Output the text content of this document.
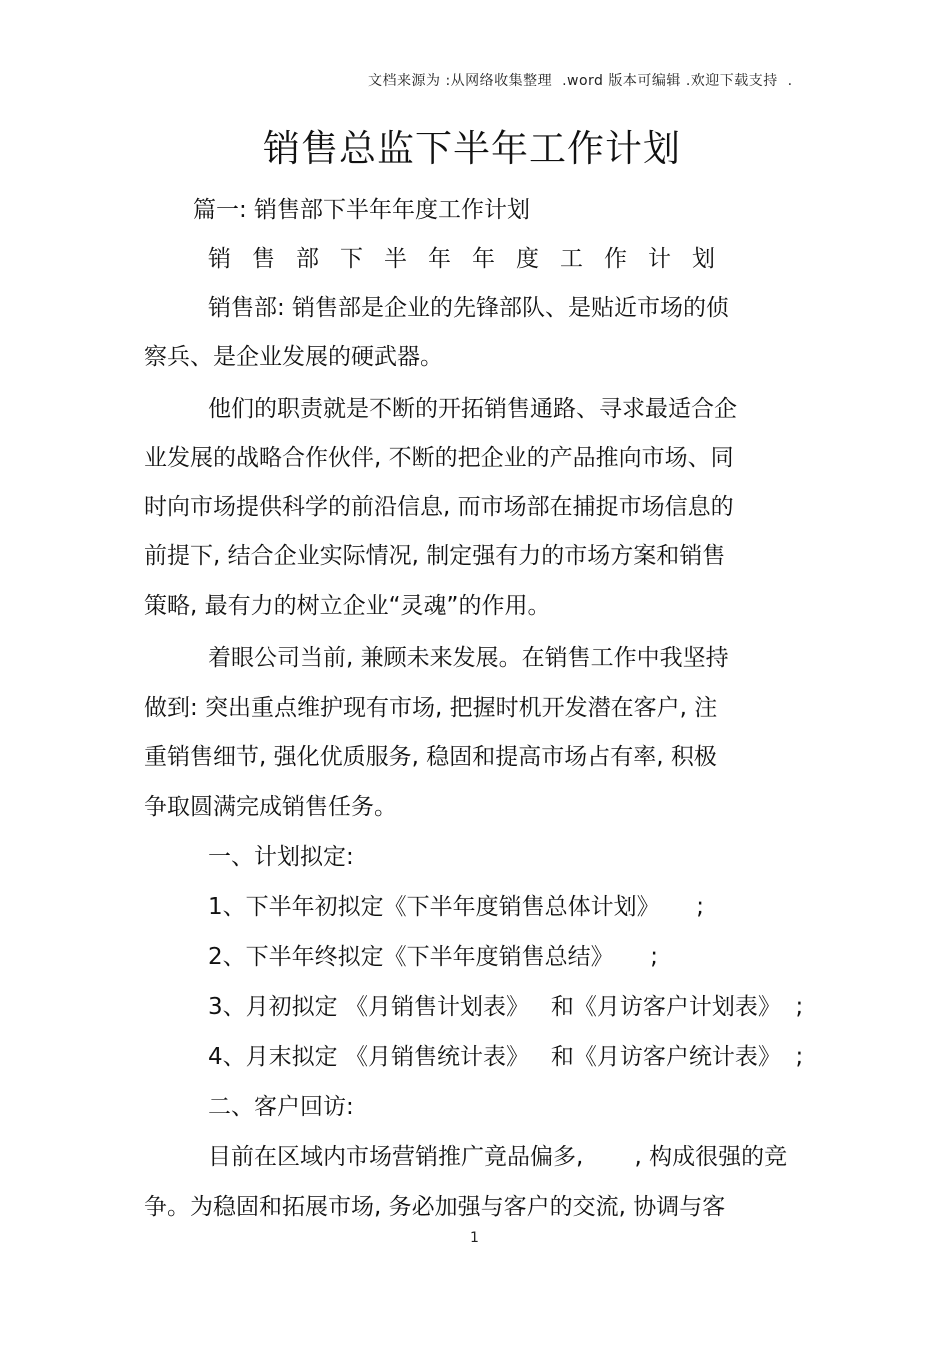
文档来源为 :从网络收集整理  .word 版本可编辑 .欢迎下载支持  .
销售总监下半年工作计划
篇一: 销售部下半年年度工作计划
销售部下半年年度工作计划
销售部: 销售部是企业的先锋部队、是贴近市场的侦
察兵、是企业发展的硬武器。
他们的职责就是不断的开拓销售通路、寻求最适合企
业发展的战略合作伙伴, 不断的把企业的产品推向市场、同
时向市场提供科学的前沿信息, 而市场部在捕捉市场信息的
前提下, 结合企业实际情况, 制定强有力的市场方案和销售
策略, 最有力的树立企业“灵魂”的作用。
着眼公司当前, 兼顾未来发展。在销售工作中我坚持
做到: 突出重点维护现有市场, 把握时机开发潜在客户, 注
重销售细节, 强化优质服务, 稳固和提高市场占有率, 积极
争取圆满完成销售任务。
一、计划拟定:
1、下半年初拟定《下半年度销售总体计划》     ;
2、下半年终拟定《下半年度销售总结》     ;
3、月初拟定 《月销售计划表》   和《月访客户计划表》  ;
4、月末拟定 《月销售统计表》   和《月访客户统计表》  ;
二、客户回访:
目前在区域内市场营销推广竟品偏多,       , 构成很强的竞
争。为稳固和拓展市场, 务必加强与客户的交流, 协调与客
1
